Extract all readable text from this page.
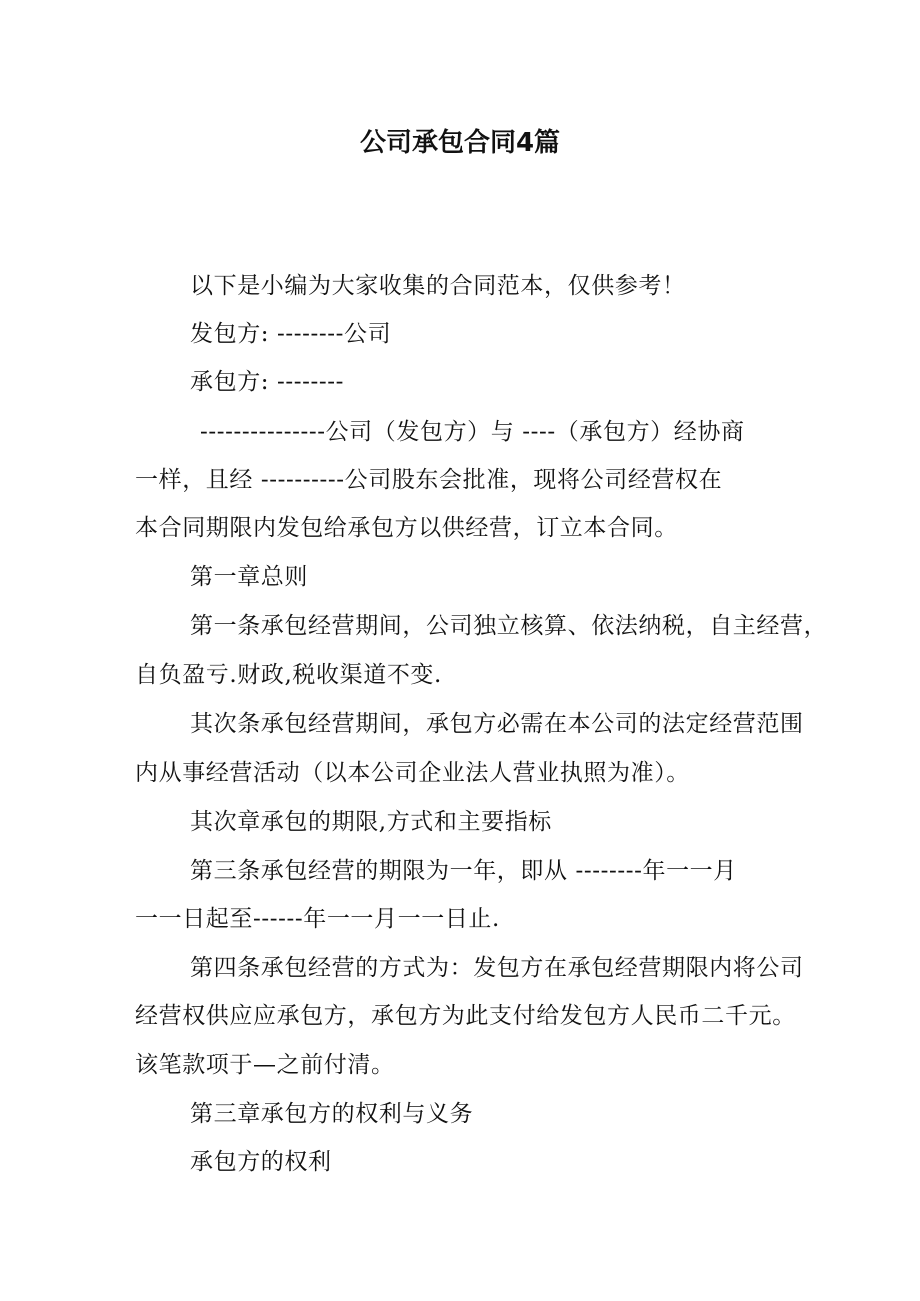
公司承包合同4篇
以下是小编为大家收集的合同范本，仅供参考！
发包方: --------公司
承包方: --------
---------------公司（发包方）与 ----（承包方）经协商
一样，且经 ----------公司股东会批准，现将公司经营权在
本合同期限内发包给承包方以供经营，订立本合同。
第一章总则
第一条承包经营期间，公司独立核算、依法纳税，自主经营，
自负盈亏.财政,税收渠道不变.
其次条承包经营期间，承包方必需在本公司的法定经营范围
内从事经营活动（以本公司企业法人营业执照为准）。
其次章承包的期限,方式和主要指标
第三条承包经营的期限为一年，即从 --------年一一月
一一日起至------年一一月一一日止.
第四条承包经营的方式为：发包方在承包经营期限内将公司
经营权供应应承包方，承包方为此支付给发包方人民币二千元。
该笔款项于—之前付清。
第三章承包方的权利与义务
承包方的权利
